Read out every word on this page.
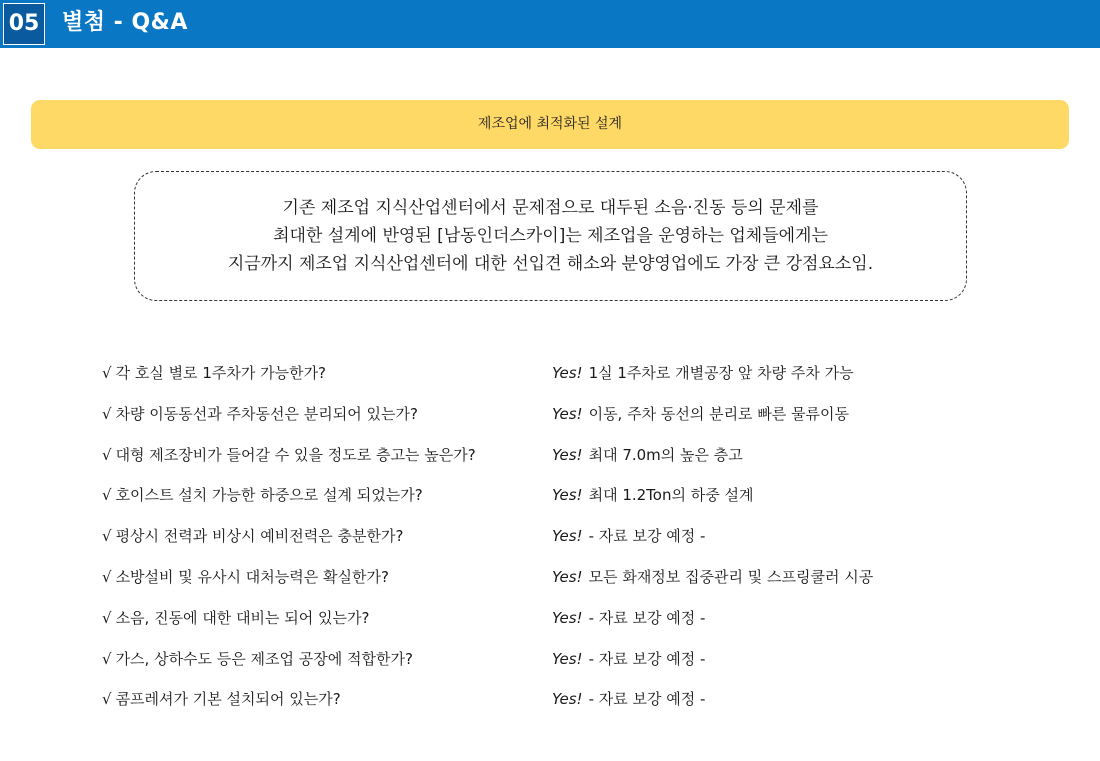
05 별첨 - Q&A
제조업에 최적화된 설계
기존 제조업 지식산업센터에서 문제점으로 대두된 소음·진동 등의 문제를
최대한 설계에 반영된 [남동인더스카이]는 제조업을 운영하는 업체들에게는
지금까지 제조업 지식산업센터에 대한 선입견 해소와 분양영업에도 가장 큰 강점요소임.
√ 각 호실 별로 1주차가 가능한가?	Yes! 1실 1주차로 개별공장 앞 차량 주차 가능
√ 차량 이동동선과 주차동선은 분리되어 있는가?	Yes! 이동, 주차 동선의 분리로 빠른 물류이동
√ 대형 제조장비가 들어갈 수 있을 정도로 층고는 높은가?	Yes! 최대 7.0m의 높은 층고
√ 호이스트 설치 가능한 하중으로 설계 되었는가?	Yes! 최대 1.2Ton의 하중 설계
√ 평상시 전력과 비상시 예비전력은 충분한가?	Yes! - 자료 보강 예정 -
√ 소방설비 및 유사시 대처능력은 확실한가?	Yes! 모든 화재정보 집중관리 및 스프링쿨러 시공
√ 소음, 진동에 대한 대비는 되어 있는가?	Yes! - 자료 보강 예정 -
√ 가스, 상하수도 등은 제조업 공장에 적합한가?	Yes! - 자료 보강 예정 -
√ 콤프레셔가 기본 설치되어 있는가?	Yes! - 자료 보강 예정 -
